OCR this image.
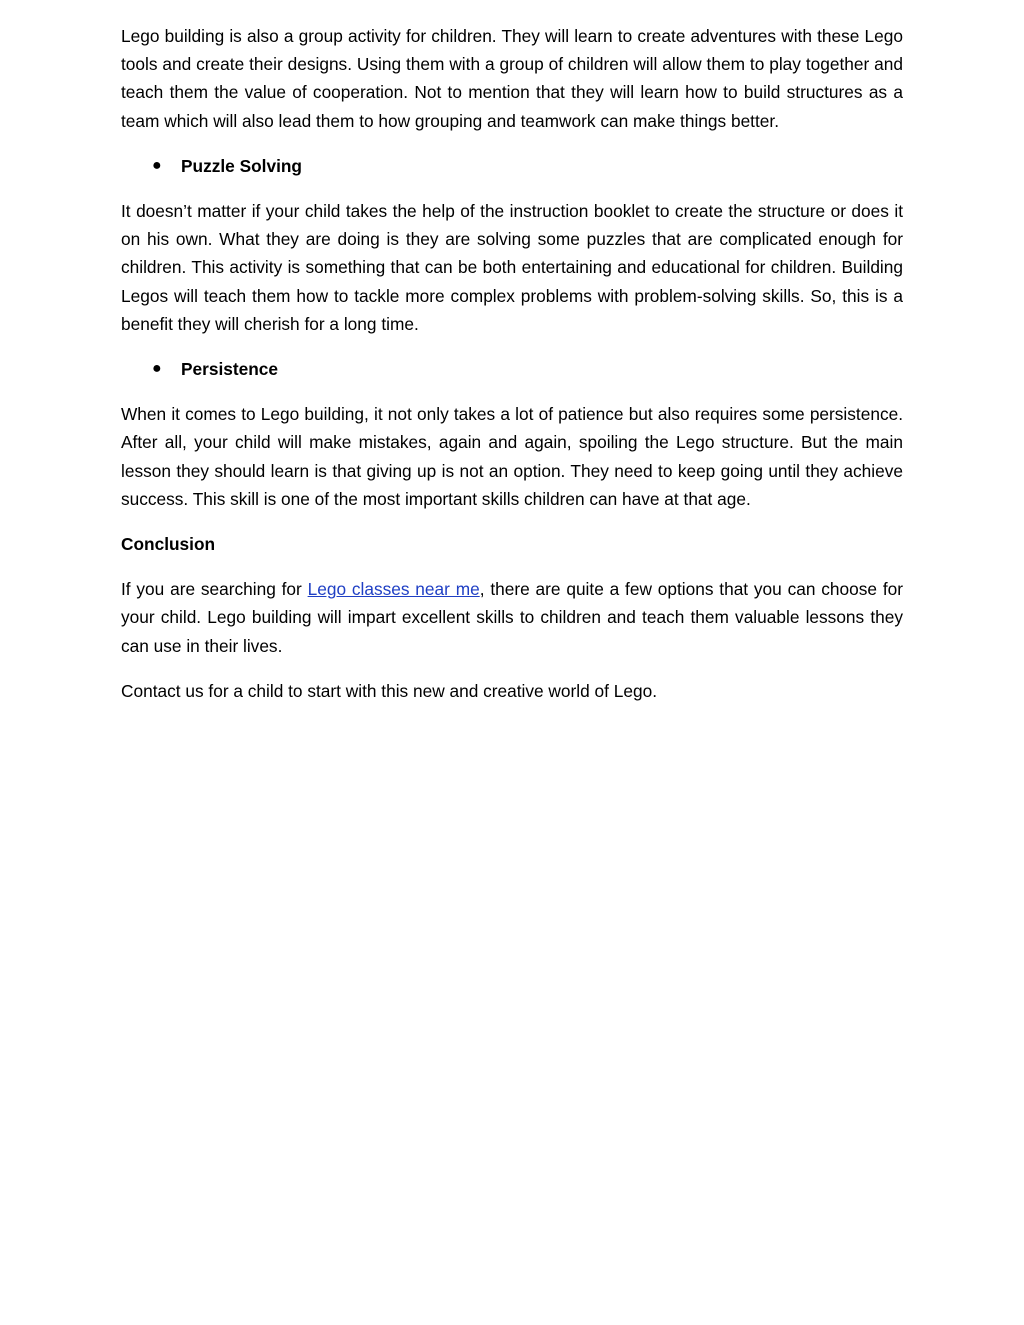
Lego building is also a group activity for children. They will learn to create adventures with these Lego tools and create their designs. Using them with a group of children will allow them to play together and teach them the value of cooperation. Not to mention that they will learn how to build structures as a team which will also lead them to how grouping and teamwork can make things better.

● Puzzle Solving

It doesn’t matter if your child takes the help of the instruction booklet to create the structure or does it on his own. What they are doing is they are solving some puzzles that are complicated enough for children. This activity is something that can be both entertaining and educational for children. Building Legos will teach them how to tackle more complex problems with problem-solving skills. So, this is a benefit they will cherish for a long time.

● Persistence

When it comes to Lego building, it not only takes a lot of patience but also requires some persistence. After all, your child will make mistakes, again and again, spoiling the Lego structure. But the main lesson they should learn is that giving up is not an option. They need to keep going until they achieve success. This skill is one of the most important skills children can have at that age.

Conclusion

If you are searching for Lego classes near me, there are quite a few options that you can choose for your child. Lego building will impart excellent skills to children and teach them valuable lessons they can use in their lives.

Contact us for a child to start with this new and creative world of Lego.
